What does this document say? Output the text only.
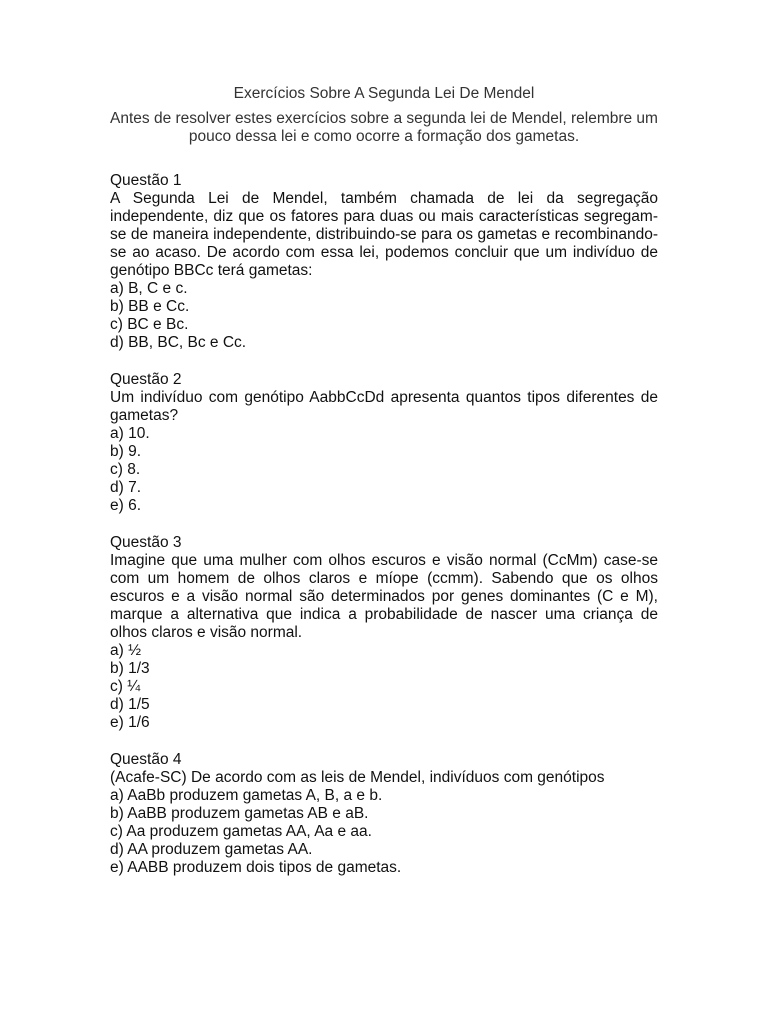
Exercícios Sobre A Segunda Lei De Mendel

Antes de resolver estes exercícios sobre a segunda lei de Mendel, relembre um pouco dessa lei e como ocorre a formação dos gametas.

Questão 1

A Segunda Lei de Mendel, também chamada de lei da segregação independente, diz que os fatores para duas ou mais características segregam-se de maneira independente, distribuindo-se para os gametas e recombinando-se ao acaso. De acordo com essa lei, podemos concluir que um indivíduo de genótipo BBCc terá gametas:

a) B, C e c.
b) BB e Cc.
c) BC e Bc.
d) BB, BC, Bc e Cc.
Questão 2

Um indivíduo com genótipo AabbCcDd apresenta quantos tipos diferentes de gametas?

a) 10.
b) 9.
c) 8.
d) 7.
e) 6.
Questão 3

Imagine que uma mulher com olhos escuros e visão normal (CcMm) case-se com um homem de olhos claros e míope (ccmm). Sabendo que os olhos escuros e a visão normal são determinados por genes dominantes (C e M), marque a alternativa que indica a probabilidade de nascer uma criança de olhos claros e visão normal.

a) ½
b) 1/3
c) ¼
d) 1/5
e) 1/6
Questão 4

(Acafe-SC) De acordo com as leis de Mendel, indivíduos com genótipos

a) AaBb produzem gametas A, B, a e b.
b) AaBB produzem gametas AB e aB.
c) Aa produzem gametas AA, Aa e aa.
d) AA produzem gametas AA.
e) AABB produzem dois tipos de gametas.
